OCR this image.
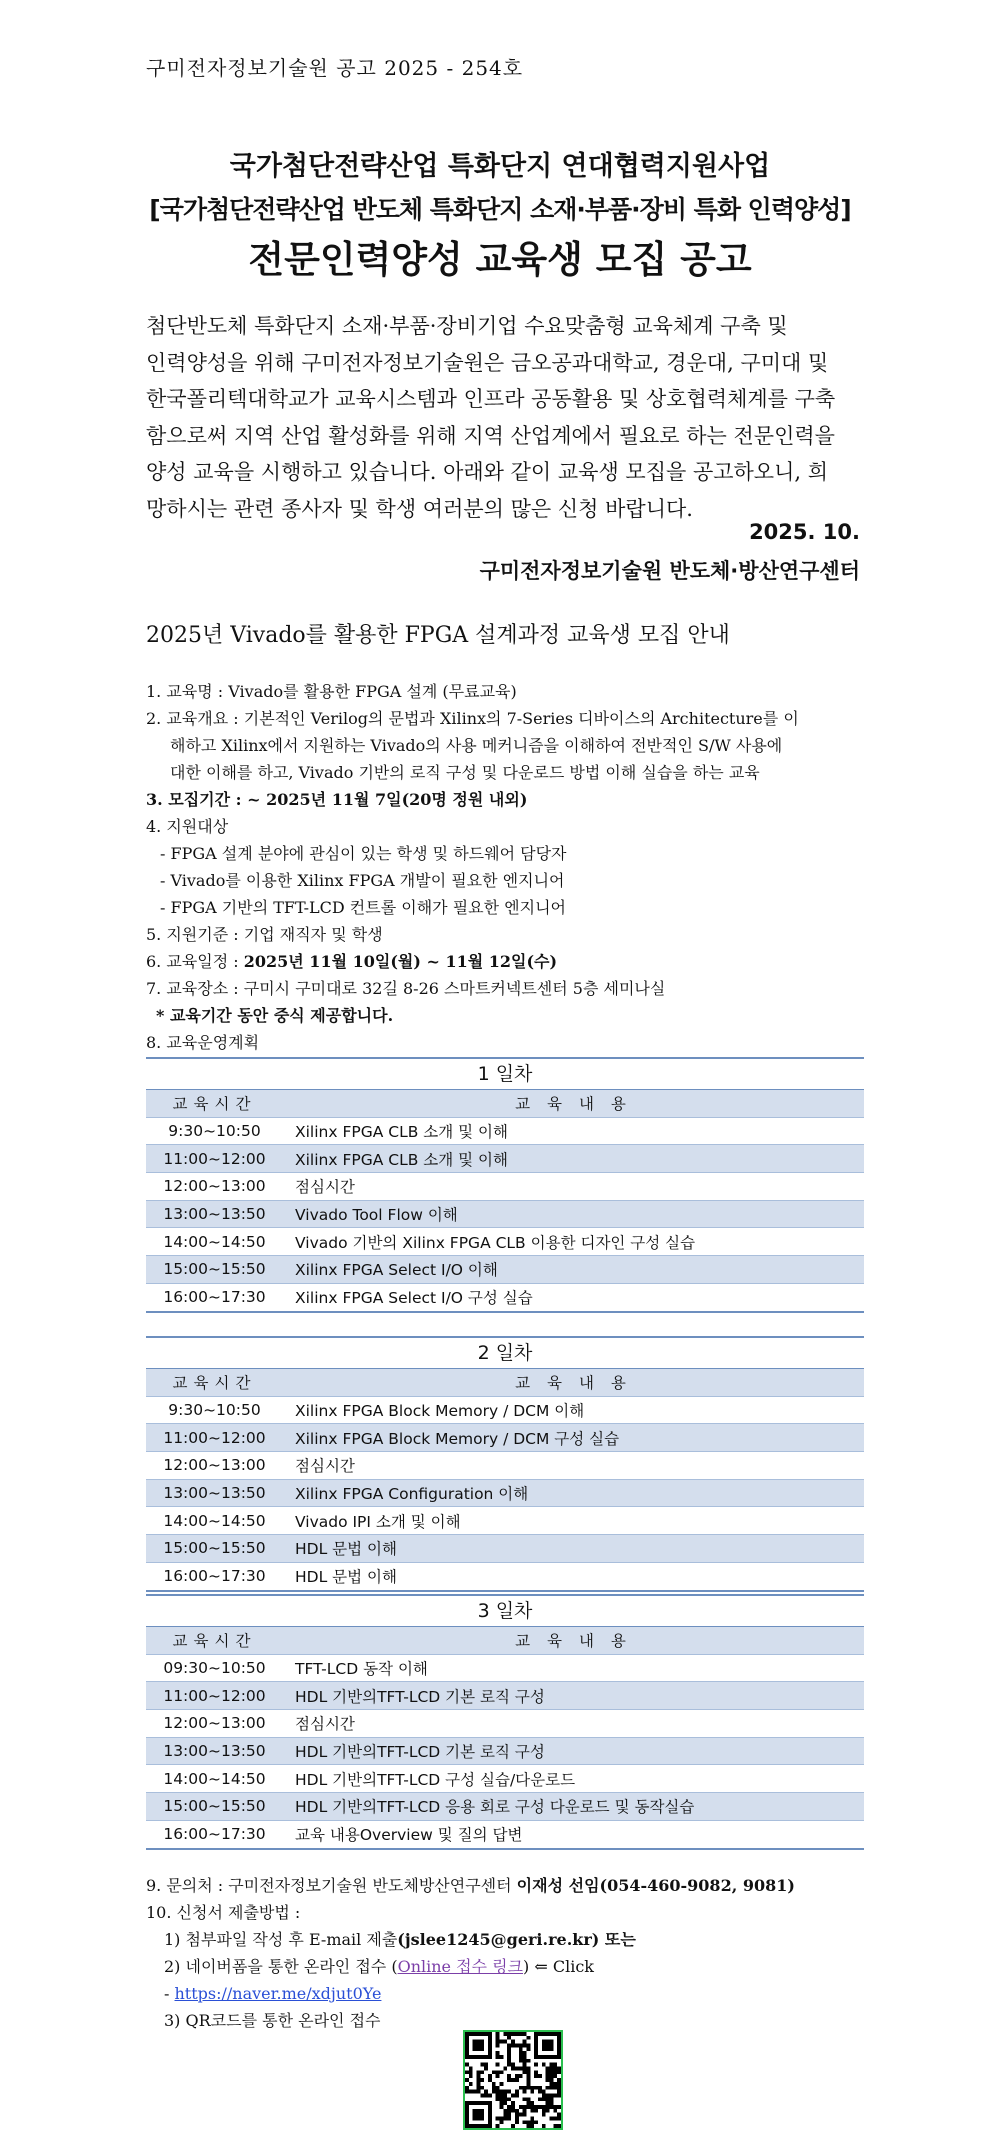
구미전자정보기술원 공고 2025 - 254호
국가첨단전략산업 특화단지 연대협력지원사업
[국가첨단전략산업 반도체 특화단지 소재·부품·장비 특화 인력양성]
전문인력양성 교육생 모집 공고
첨단반도체 특화단지 소재·부품·장비기업 수요맞춤형 교육체계 구축 및
인력양성을 위해 구미전자정보기술원은 금오공과대학교, 경운대, 구미대 및
한국폴리텍대학교가 교육시스템과 인프라 공동활용 및 상호협력체계를 구축
함으로써 지역 산업 활성화를 위해 지역 산업계에서 필요로 하는 전문인력을
양성 교육을 시행하고 있습니다. 아래와 같이 교육생 모집을 공고하오니, 희
망하시는 관련 종사자 및 학생 여러분의 많은 신청 바랍니다.
2025. 10.
구미전자정보기술원 반도체·방산연구센터
2025년 Vivado를 활용한 FPGA 설계과정 교육생 모집 안내
1. 교육명 : Vivado를 활용한 FPGA 설계 (무료교육)
2. 교육개요 : 기본적인 Verilog의 문법과 Xilinx의 7-Series 디바이스의 Architecture를 이
해하고 Xilinx에서 지원하는 Vivado의 사용 메커니즘을 이해하여 전반적인 S/W 사용에
대한 이해를 하고, Vivado 기반의 로직 구성 및 다운로드 방법 이해 실습을 하는 교육
3. 모집기간 : ~ 2025년 11월 7일(20명 정원 내외)
4. 지원대상
- FPGA 설계 분야에 관심이 있는 학생 및 하드웨어 담당자
- Vivado를 이용한 Xilinx FPGA 개발이 필요한 엔지니어
- FPGA 기반의 TFT-LCD 컨트롤 이해가 필요한 엔지니어
5. 지원기준 : 기업 재직자 및 학생
6. 교육일정 : 2025년 11월 10일(월) ~ 11월 12일(수)
7. 교육장소 : 구미시 구미대로 32길 8-26 스마트커넥트센터 5층 세미나실
* 교육기간 동안 중식 제공합니다.
8. 교육운영계획
1 일차
교육시간	교 육 내 용
9:30~10:50	Xilinx FPGA CLB 소개 및 이해
11:00~12:00	Xilinx FPGA CLB 소개 및 이해
12:00~13:00	점심시간
13:00~13:50	Vivado Tool Flow 이해
14:00~14:50	Vivado 기반의 Xilinx FPGA CLB 이용한 디자인 구성 실습
15:00~15:50	Xilinx FPGA Select I/O 이해
16:00~17:30	Xilinx FPGA Select I/O 구성 실습
2 일차
교육시간	교 육 내 용
9:30~10:50	Xilinx FPGA Block Memory / DCM 이해
11:00~12:00	Xilinx FPGA Block Memory / DCM 구성 실습
12:00~13:00	점심시간
13:00~13:50	Xilinx FPGA Configuration 이해
14:00~14:50	Vivado IPI 소개 및 이해
15:00~15:50	HDL 문법 이해
16:00~17:30	HDL 문법 이해
3 일차
교육시간	교 육 내 용
09:30~10:50	TFT-LCD 동작 이해
11:00~12:00	HDL 기반의TFT-LCD 기본 로직 구성
12:00~13:00	점심시간
13:00~13:50	HDL 기반의TFT-LCD 기본 로직 구성
14:00~14:50	HDL 기반의TFT-LCD 구성 실습/다운로드
15:00~15:50	HDL 기반의TFT-LCD 응용 회로 구성 다운로드 및 동작실습
16:00~17:30	교육 내용Overview 및 질의 답변
9. 문의처 : 구미전자정보기술원 반도체방산연구센터 이재성 선임(054-460-9082, 9081)
10. 신청서 제출방법 :
1) 첨부파일 작성 후 E-mail 제출(jslee1245@geri.re.kr) 또는
2) 네이버폼을 통한 온라인 접수 (Online 접수 링크) ⇐ Click
- https://naver.me/xdjut0Ye
3) QR코드를 통한 온라인 접수
